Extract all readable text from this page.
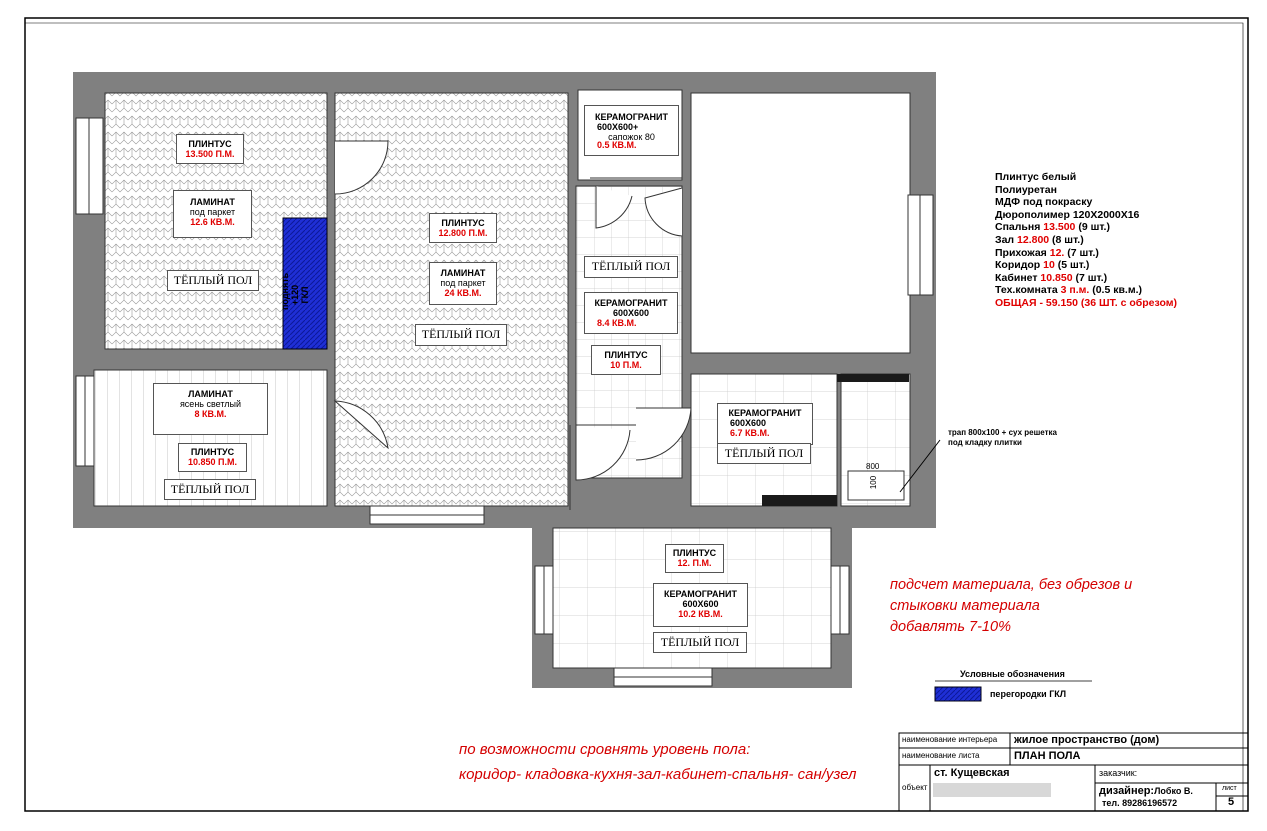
ПЛИНТУС
13.500 П.М.
ЛАМИНАТ
под паркет
12.6 КВ.М.
ТЁПЛЫЙ ПОЛ	поднять +120 ГКЛ
ПЛИНТУС
12.800 П.М.
ЛАМИНАТ
под паркет
24 КВ.М.
ТЁПЛЫЙ ПОЛ
ЛАМИНАТ
ясень светлый
8 КВ.М.
ПЛИНТУС
10.850 П.М.
ТЁПЛЫЙ ПОЛ
КЕРАМОГРАНИТ
600Х600+
сапожок 80
0.5 КВ.М.
ТЁПЛЫЙ ПОЛ
КЕРАМОГРАНИТ
600Х600
8.4 КВ.М.
ПЛИНТУС
10 П.М.
КЕРАМОГРАНИТ
600Х600
6.7 КВ.М.
ТЁПЛЫЙ ПОЛ
трап 800х100 + сух решетка под кладку плитки
800
100
ПЛИНТУС
12. П.М.
КЕРАМОГРАНИТ
600Х600
10.2 КВ.М.
ТЁПЛЫЙ ПОЛ
Плинтус белый
Полиуретан
МДФ под покраску
Дюрополимер 120Х2000Х16
Спальня 13.500 (9 шт.)
Зал 12.800 (8 шт.)
Прихожая 12. (7 шт.)
Коридор 10 (5 шт.)
Кабинет 10.850 (7 шт.)
Тех.комната 3 п.м. (0.5 кв.м.)
ОБЩАЯ - 59.150 (36 ШТ. с обрезом)
подсчет материала, без обрезов и
стыковки материала
добавлять 7-10%
по возможности сровнять уровень пола:
коридор- кладовка-кухня-зал-кабинет-спальня- сан/узел
Условные обозначения
перегородки ГКЛ
наименование интерьера жилое пространство (дом)
наименование листа	ПЛАН ПОЛА
объект
ст. Кущевская	заказчик:
дизайнер:Лобко В.
тел. 89286196572
лист
5
